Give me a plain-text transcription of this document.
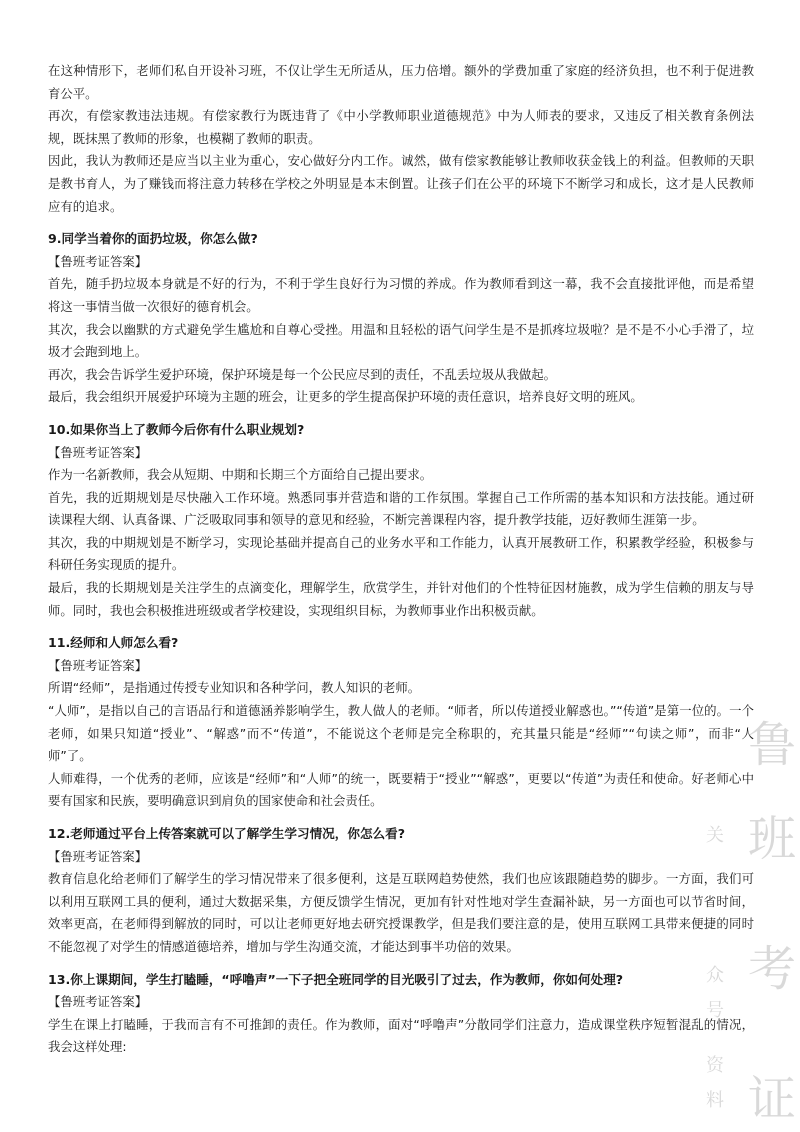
在这种情形下，老师们私自开设补习班，不仅让学生无所适从，压力倍增。额外的学费加重了家庭的经济负担，也不利于促进教育公平。

再次，有偿家教违法违规。有偿家教行为既违背了《中小学教师职业道德规范》中为人师表的要求，又违反了相关教育条例法规，既抹黑了教师的形象，也模糊了教师的职责。

因此，我认为教师还是应当以主业为重心，安心做好分内工作。诚然，做有偿家教能够让教师收获金钱上的利益。但教师的天职是教书育人，为了赚钱而将注意力转移在学校之外明显是本末倒置。让孩子们在公平的环境下不断学习和成长，这才是人民教师应有的追求。

9.同学当着你的面扔垃圾，你怎么做?

【鲁班考证答案】

首先，随手扔垃圾本身就是不好的行为，不利于学生良好行为习惯的养成。作为教师看到这一幕，我不会直接批评他，而是希望将这一事情当做一次很好的德育机会。

其次，我会以幽默的方式避免学生尴尬和自尊心受挫。用温和且轻松的语气问学生是不是抓疼垃圾啦？是不是不小心手滑了，垃圾才会跑到地上。

再次，我会告诉学生爱护环境，保护环境是每一个公民应尽到的责任，不乱丢垃圾从我做起。

最后，我会组织开展爱护环境为主题的班会，让更多的学生提高保护环境的责任意识，培养良好文明的班风。

10.如果你当上了教师今后你有什么职业规划?

【鲁班考证答案】

作为一名新教师，我会从短期、中期和长期三个方面给自己提出要求。

首先，我的近期规划是尽快融入工作环境。熟悉同事并营造和谐的工作氛围。掌握自己工作所需的基本知识和方法技能。通过研读课程大纲、认真备课、广泛吸取同事和领导的意见和经验，不断完善课程内容，提升教学技能，迈好教师生涯第一步。

其次，我的中期规划是不断学习，实现论基础并提高自己的业务水平和工作能力，认真开展教研工作，积累教学经验，积极参与科研任务实现质的提升。

最后，我的长期规划是关注学生的点滴变化，理解学生，欣赏学生，并针对他们的个性特征因材施教，成为学生信赖的朋友与导师。同时，我也会积极推进班级或者学校建设，实现组织目标，为教师事业作出积极贡献。

11.经师和人师怎么看?

【鲁班考证答案】

所谓“经师”，是指通过传授专业知识和各种学问，教人知识的老师。

“人师”，是指以自己的言语品行和道德涵养影响学生，教人做人的老师。“师者，所以传道授业解惑也。”“传道”是第一位的。一个老师，如果只知道“授业”、“解惑”而不“传道”，不能说这个老师是完全称职的，充其量只能是“经师”“句读之师”，而非“人师”了。

人师难得，一个优秀的老师，应该是“经师”和“人师”的统一，既要精于“授业”“解惑”，更要以“传道”为责任和使命。好老师心中要有国家和民族，要明确意识到肩负的国家使命和社会责任。

12.老师通过平台上传答案就可以了解学生学习情况，你怎么看?

【鲁班考证答案】

教育信息化给老师们了解学生的学习情况带来了很多便利，这是互联网趋势使然，我们也应该跟随趋势的脚步。一方面，我们可以利用互联网工具的便利，通过大数据采集，方便反馈学生情况，更加有针对性地对学生查漏补缺，另一方面也可以节省时间，效率更高，在老师得到解放的同时，可以让老师更好地去研究授课教学，但是我们要注意的是，使用互联网工具带来便捷的同时不能忽视了对学生的情感道德培养，增加与学生沟通交流，才能达到事半功倍的效果。

13.你上课期间，学生打瞌睡，“呼噜声”一下子把全班同学的目光吸引了过去，作为教师，你如何处理?

【鲁班考证答案】

学生在课上打瞌睡，于我而言有不可推卸的责任。作为教师，面对“呼噜声”分散同学们注意力，造成课堂秩序短暂混乱的情况，我会这样处理:

鲁
班
考
证
关
众
号
资
料
